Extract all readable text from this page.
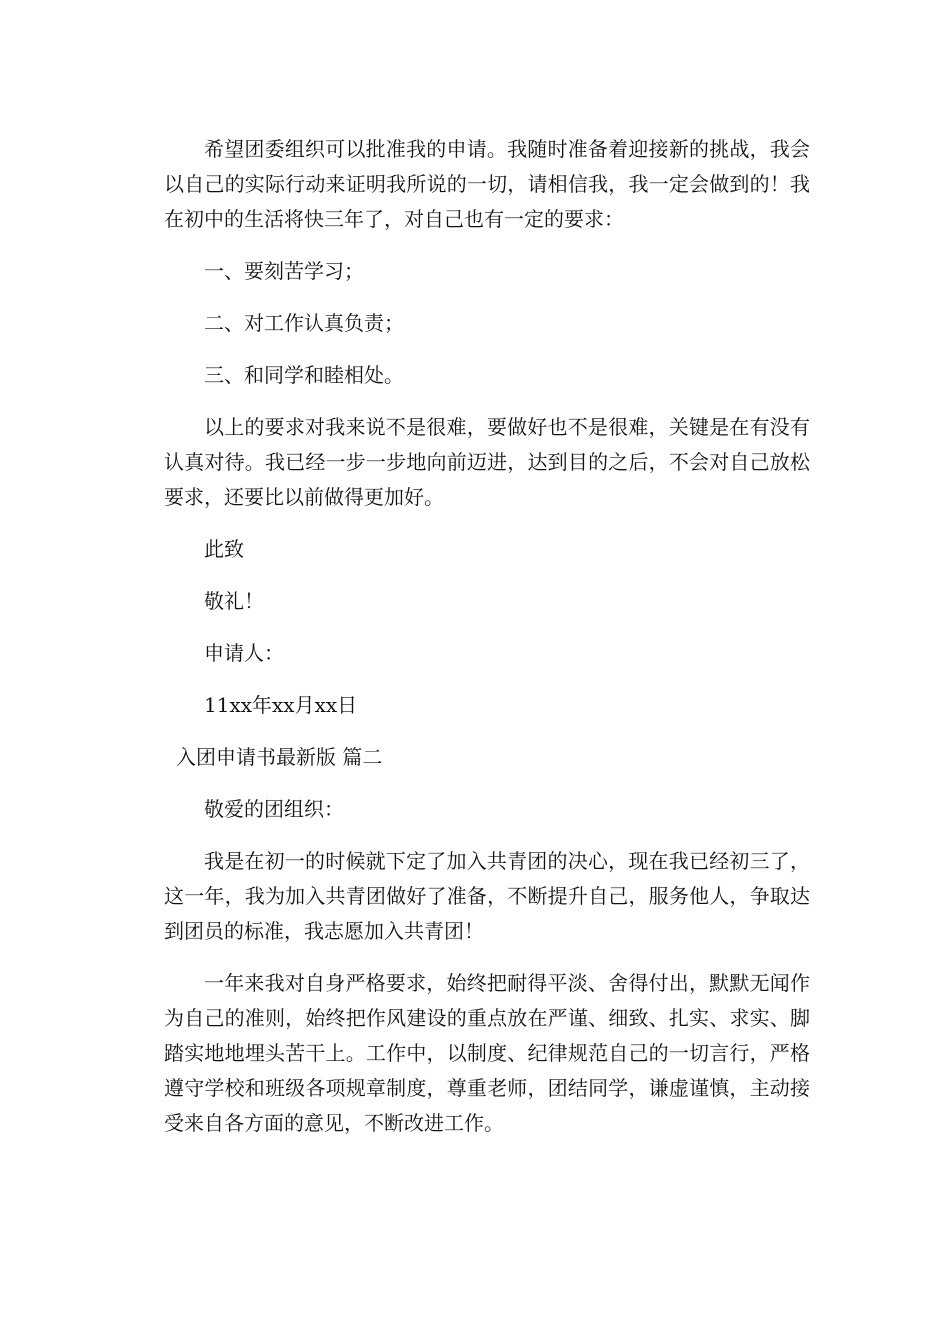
希望团委组织可以批准我的申请。我随时准备着迎接新的挑战，我会以自己的实际行动来证明我所说的一切，请相信我，我一定会做到的！我在初中的生活将快三年了，对自己也有一定的要求：

一、要刻苦学习；

二、对工作认真负责；

三、和同学和睦相处。

以上的要求对我来说不是很难，要做好也不是很难，关键是在有没有认真对待。我已经一步一步地向前迈进，达到目的之后，不会对自己放松要求，还要比以前做得更加好。

此致

敬礼！

申请人：

11xx年xx月xx日

入团申请书最新版 篇二

敬爱的团组织：

我是在初一的时候就下定了加入共青团的决心，现在我已经初三了，这一年，我为加入共青团做好了准备，不断提升自己，服务他人，争取达到团员的标准，我志愿加入共青团！

一年来我对自身严格要求，始终把耐得平淡、舍得付出，默默无闻作为自己的准则，始终把作风建设的重点放在严谨、细致、扎实、求实、脚踏实地地埋头苦干上。工作中，以制度、纪律规范自己的一切言行，严格遵守学校和班级各项规章制度，尊重老师，团结同学，谦虚谨慎，主动接受来自各方面的意见，不断改进工作。
